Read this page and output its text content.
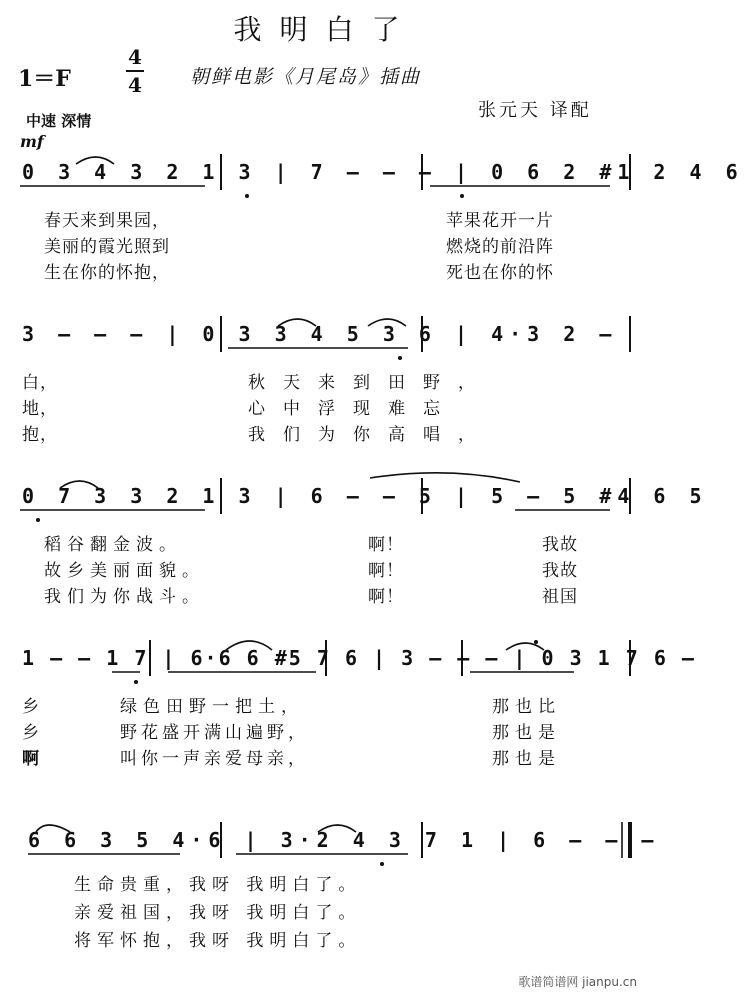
我明白了
1＝F
4
4	朝鲜电影《月尾岛》插曲
张元天 译配
中速 深情
mf
0 3 4 3 2 1 3 | 7 — — — | 0 6 2 #1 2 4 6
春天来到果园，
美丽的霞光照到
生在你的怀抱，
苹果花开一片
燃烧的前沿阵
死也在你的怀
3 — — — | 0 3 3 4 5 3 6 | 4·3 2 —
白，
地，
抱，
秋天来到田野，
心中浮现难忘
我们为你高唱，
0 7 3 3 2 1 3 | 6 — — 5 | 5 — 5 #4 6 5
稻谷翻金波。
故乡美丽面貌。
我们为你战斗。
啊！
啊！
啊！
我故
我故
祖国
1 — — 1 7 | 6·6 6 #5 7 6 | 3 — — — | 0 3 1 7 6 —
乡
乡
啊
绿色田野一把土，
野花盛开满山遍野，
叫你一声亲爱母亲，
那也比
那也是
那也是
6 6 3 5 4·6 | 3·2 4 3 7 1 | 6 — — —
生命贵重，我呀 我明白了。
亲爱祖国，我呀 我明白了。
将军怀抱，我呀 我明白了。
歌谱简谱网 jianpu.cn
